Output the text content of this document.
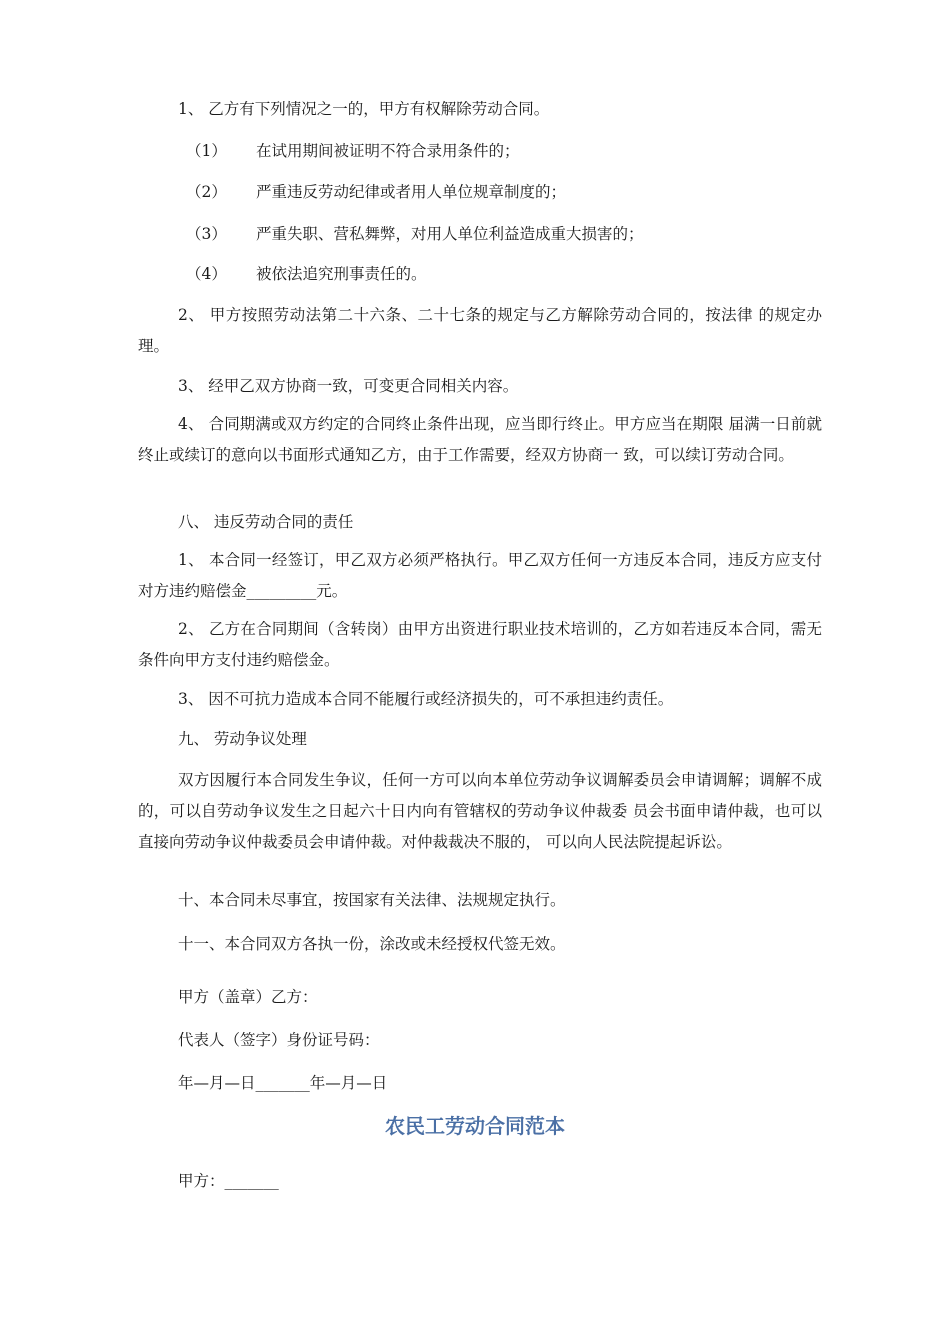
1、 乙方有下列情况之一的，甲方有权解除劳动合同。
（1） 在试用期间被证明不符合录用条件的；
（2） 严重违反劳动纪律或者用人单位规章制度的；
（3） 严重失职、营私舞弊，对用人单位利益造成重大损害的；
（4） 被依法追究刑事责任的。
2、 甲方按照劳动法第二十六条、二十七条的规定与乙方解除劳动合同的，按法律 的规定办理。
3、 经甲乙双方协商一致，可变更合同相关内容。
4、 合同期满或双方约定的合同终止条件出现，应当即行终止。甲方应当在期限 届满一日前就终止或续订的意向以书面形式通知乙方，由于工作需要，经双方协商一 致，可以续订劳动合同。
八、 违反劳动合同的责任
1、 本合同一经签订，甲乙双方必须严格执行。甲乙双方任何一方违反本合同，违反方应支付对方违约赔偿金_________元。
2、 乙方在合同期间（含转岗）由甲方出资进行职业技术培训的，乙方如若违反本合同，需无条件向甲方支付违约赔偿金。
3、 因不可抗力造成本合同不能履行或经济损失的，可不承担违约责任。
九、 劳动争议处理
双方因履行本合同发生争议，任何一方可以向本单位劳动争议调解委员会申请调解；调解不成的，可以自劳动争议发生之日起六十日内向有管辖权的劳动争议仲裁委 员会书面申请仲裁，也可以直接向劳动争议仲裁委员会申请仲裁。对仲裁裁决不服的， 可以向人民法院提起诉讼。
十、本合同未尽事宜，按国家有关法律、法规规定执行。
十一、本合同双方各执一份，涂改或未经授权代签无效。
甲方（盖章）乙方：
代表人（签字）身份证号码：
年—月—日_______年—月—日
农民工劳动合同范本
甲方：_______
